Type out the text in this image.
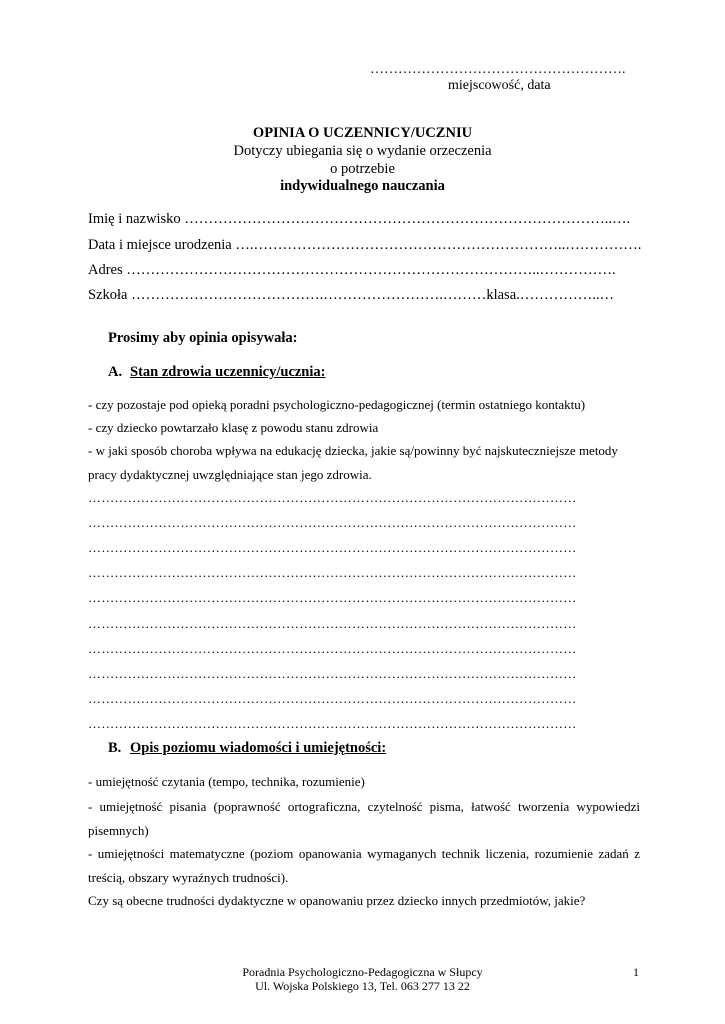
……………………………………………….
miejscowość, data
OPINIA O UCZENNICY/UCZNIU
Dotyczy ubiegania się o wydanie orzeczenia
o potrzebie
indywidualnego nauczania
Imię i nazwisko ……………………………………………………………………………..….
Data i miejsce urodzenia ….………………………………………………………..…………….
Adres …………………………………………………………………………..…………….
Szkoła ………………………………….…………………….………klasa.……………..…
Prosimy aby opinia opisywała:
A. Stan zdrowia uczennicy/ucznia:
- czy pozostaje pod opieką poradni psychologiczno-pedagogicznej (termin ostatniego kontaktu)
- czy dziecko powtarzało klasę z powodu stanu zdrowia
- w jaki sposób choroba wpływa na edukację dziecka, jakie są/powinny być najskuteczniejsze metody
pracy dydaktycznej uwzględniające stan jego zdrowia.
…………………………………………………………………………………………………
…………………………………………………………………………………………………
…………………………………………………………………………………………………
…………………………………………………………………………………………………
…………………………………………………………………………………………………
…………………………………………………………………………………………………
…………………………………………………………………………………………………
…………………………………………………………………………………………………
…………………………………………………………………………………………………
…………………………………………………………………………………………………
B. Opis poziomu wiadomości i umiejętności:
- umiejętność czytania (tempo, technika, rozumienie)
- umiejętność pisania (poprawność ortograficzna, czytelność pisma, łatwość tworzenia wypowiedzi
pisemnych)
- umiejętności matematyczne (poziom opanowania wymaganych technik liczenia, rozumienie zadań z
treścią, obszary wyraźnych trudności).
Czy są obecne trudności dydaktyczne w opanowaniu przez dziecko innych przedmiotów, jakie?
Poradnia Psychologiczno-Pedagogiczna w Słupcy
Ul. Wojska Polskiego 13, Tel. 063 277 13 22
1
